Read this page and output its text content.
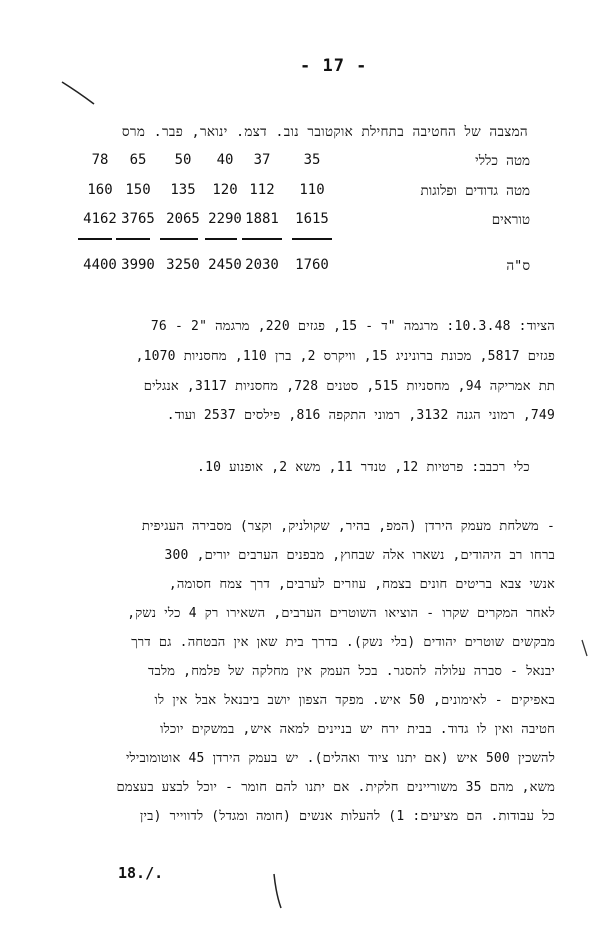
- 17 -
המצבה של החטיבה בתחילת אוקטובר נוב. דצמ. ינואר, פבר. מרס
מטה כללי
מטה גדודים ופלוגות
טוראים
ס"ה
35
37
40
50
65
78
110
112
120
135
150
160
1615
1881
2290
2065
3765
4162
1760
2030
2450
3250
3990
4400
הציוד: 10.3.48: מרגמה "ד - 15, פגזים 220, מרגמה "2 - 76
פגזים 5817, מכונת ברוניניג 15, וויקרס 2, ברן 110, מחסניות 1070,
תת אמריקה 94, מחסניות 515, סטנים 728, מחסניות 3117, אנגלים
749, רמוני הגנה 3132, רמוני התקפה 816, פילסים 2537 ועוד.
כלי רכבב: פרטיות 12, טנדר 11, משא 2, אופנוע 10.
- משלחת מעמק הירדן (המפ, בהיר, שקולניק, וקצר) מסבירה העגיפית
ברחו רב היהודים, נשארו אלה שבחוץ, מבפנים הערבים יורים, 300
אנשי צבא בריטים חונים בצמח, עוזרים לערבים, דרך צמח חסומה,
לאחר המקרים שקרו - הוציאו השוטרים הערבים, השאירו רק 4 כלי נשק,
מבקשים שוטרים יהודים (בלי נשק). בדרך בית שאן אין הבטחה. גם דרך
יבנאל - סברה עלולה להסגר. בכל העמק אין מחלקה של פלמח, מלבד
באפיקים - לאימונים, 50 איש. מפקד הצפון יושב ביבנאל אבל אין לו
חטיבה ואין לו גדוד. בבית ירח יש בניינים למאה איש, במשקים יוכלו
להשכין 500 איש (אם יתנו ציוד ואהלים). יש בעמק הירדן 45 אוטומובילי
משא, מהם 35 משוריינים חלקית. אם יתנו להם חומר - יוכל לבצע בעצמם
כל עבודות. הם מציעים: 1) להעלות אנשים (חומה ומגדל) לדווייר (בין
18./.
